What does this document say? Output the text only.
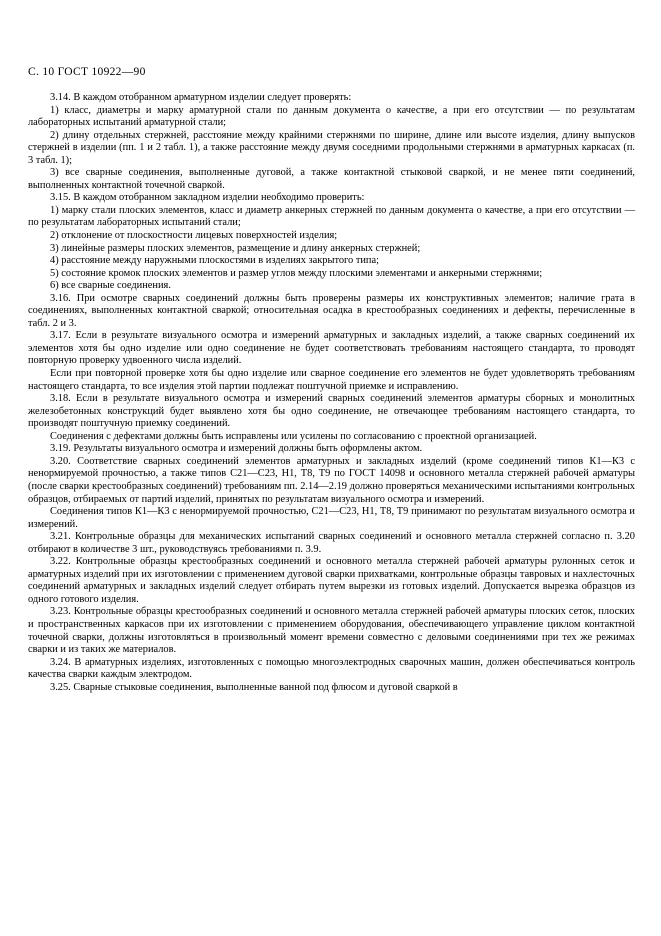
С. 10 ГОСТ 10922—90

3.14. В каждом отобранном арматурном изделии следует проверять:

1) класс, диаметры и марку арматурной стали по данным документа о качестве, а при его отсутствии — по результатам лабораторных испытаний арматурной стали;

2) длину отдельных стержней, расстояние между крайними стержнями по ширине, длине или высоте изделия, длину выпусков стержней в изделии (пп. 1 и 2 табл. 1), а также расстояние между двумя соседними продольными стержнями в арматурных каркасах (п. 3 табл. 1);

3) все сварные соединения, выполненные дуговой, а также контактной стыковой сваркой, и не менее пяти соединений, выполненных контактной точечной сваркой.

3.15. В каждом отобранном закладном изделии необходимо проверить:

1) марку стали плоских элементов, класс и диаметр анкерных стержней по данным документа о качестве, а при его отсутствии — по результатам лабораторных испытаний стали;

2) отклонение от плоскостности лицевых поверхностей изделия;

3) линейные размеры плоских элементов, размещение и длину анкерных стержней;

4) расстояние между наружными плоскостями в изделиях закрытого типа;

5) состояние кромок плоских элементов и размер углов между плоскими элементами и анкерными стержнями;

6) все сварные соединения.

3.16. При осмотре сварных соединений должны быть проверены размеры их конструктивных элементов; наличие грата в соединениях, выполненных контактной сваркой; относительная осадка в крестообразных соединениях и дефекты, перечисленные в табл. 2 и 3.

3.17. Если в результате визуального осмотра и измерений арматурных и закладных изделий, а также сварных соединений их элементов хотя бы одно изделие или одно соединение не будет соответствовать требованиям настоящего стандарта, то проводят повторную проверку удвоенного числа изделий.

Если при повторной проверке хотя бы одно изделие или сварное соединение его элементов не будет удовлетворять требованиям настоящего стандарта, то все изделия этой партии подлежат поштучной приемке и исправлению.

3.18. Если в результате визуального осмотра и измерений сварных соединений элементов арматуры сборных и монолитных железобетонных конструкций будет выявлено хотя бы одно соединение, не отвечающее требованиям настоящего стандарта, то производят поштучную приемку соединений.

Соединения с дефектами должны быть исправлены или усилены по согласованию с проектной организацией.

3.19. Результаты визуального осмотра и измерений должны быть оформлены актом.

3.20. Соответствие сварных соединений элементов арматурных и закладных изделий (кроме соединений типов К1—К3 с ненормируемой прочностью, а также типов С21—С23, Н1, Т8, Т9 по ГОСТ 14098 и основного металла стержней рабочей арматуры (после сварки крестообразных соединений) требованиям пп. 2.14—2.19 должно проверяться механическими испытаниями контрольных образцов, отбираемых от партий изделий, принятых по результатам визуального осмотра и измерений.

Соединения типов К1—К3 с ненормируемой прочностью, С21—С23, Н1, Т8, Т9 принимают по результатам визуального осмотра и измерений.

3.21. Контрольные образцы для механических испытаний сварных соединений и основного металла стержней согласно п. 3.20 отбирают в количестве 3 шт., руководствуясь требованиями п. 3.9.

3.22. Контрольные образцы крестообразных соединений и основного металла стержней рабочей арматуры рулонных сеток и арматурных изделий при их изготовлении с применением дуговой сварки прихватками, контрольные образцы тавровых и нахлесточных соединений арматурных и закладных изделий следует отбирать путем вырезки из готовых изделий. Допускается вырезка образцов из одного готового изделия.

3.23. Контрольные образцы крестообразных соединений и основного металла стержней рабочей арматуры плоских сеток, плоских и пространственных каркасов при их изготовлении с применением оборудования, обеспечивающего управление циклом контактной точечной сварки, должны изготовляться в произвольный момент времени совместно с деловыми соединениями при тех же режимах сварки и из таких же материалов.

3.24. В арматурных изделиях, изготовленных с помощью многоэлектродных сварочных машин, должен обеспечиваться контроль качества сварки каждым электродом.

3.25. Сварные стыковые соединения, выполненные ванной под флюсом и дуговой сваркой в
